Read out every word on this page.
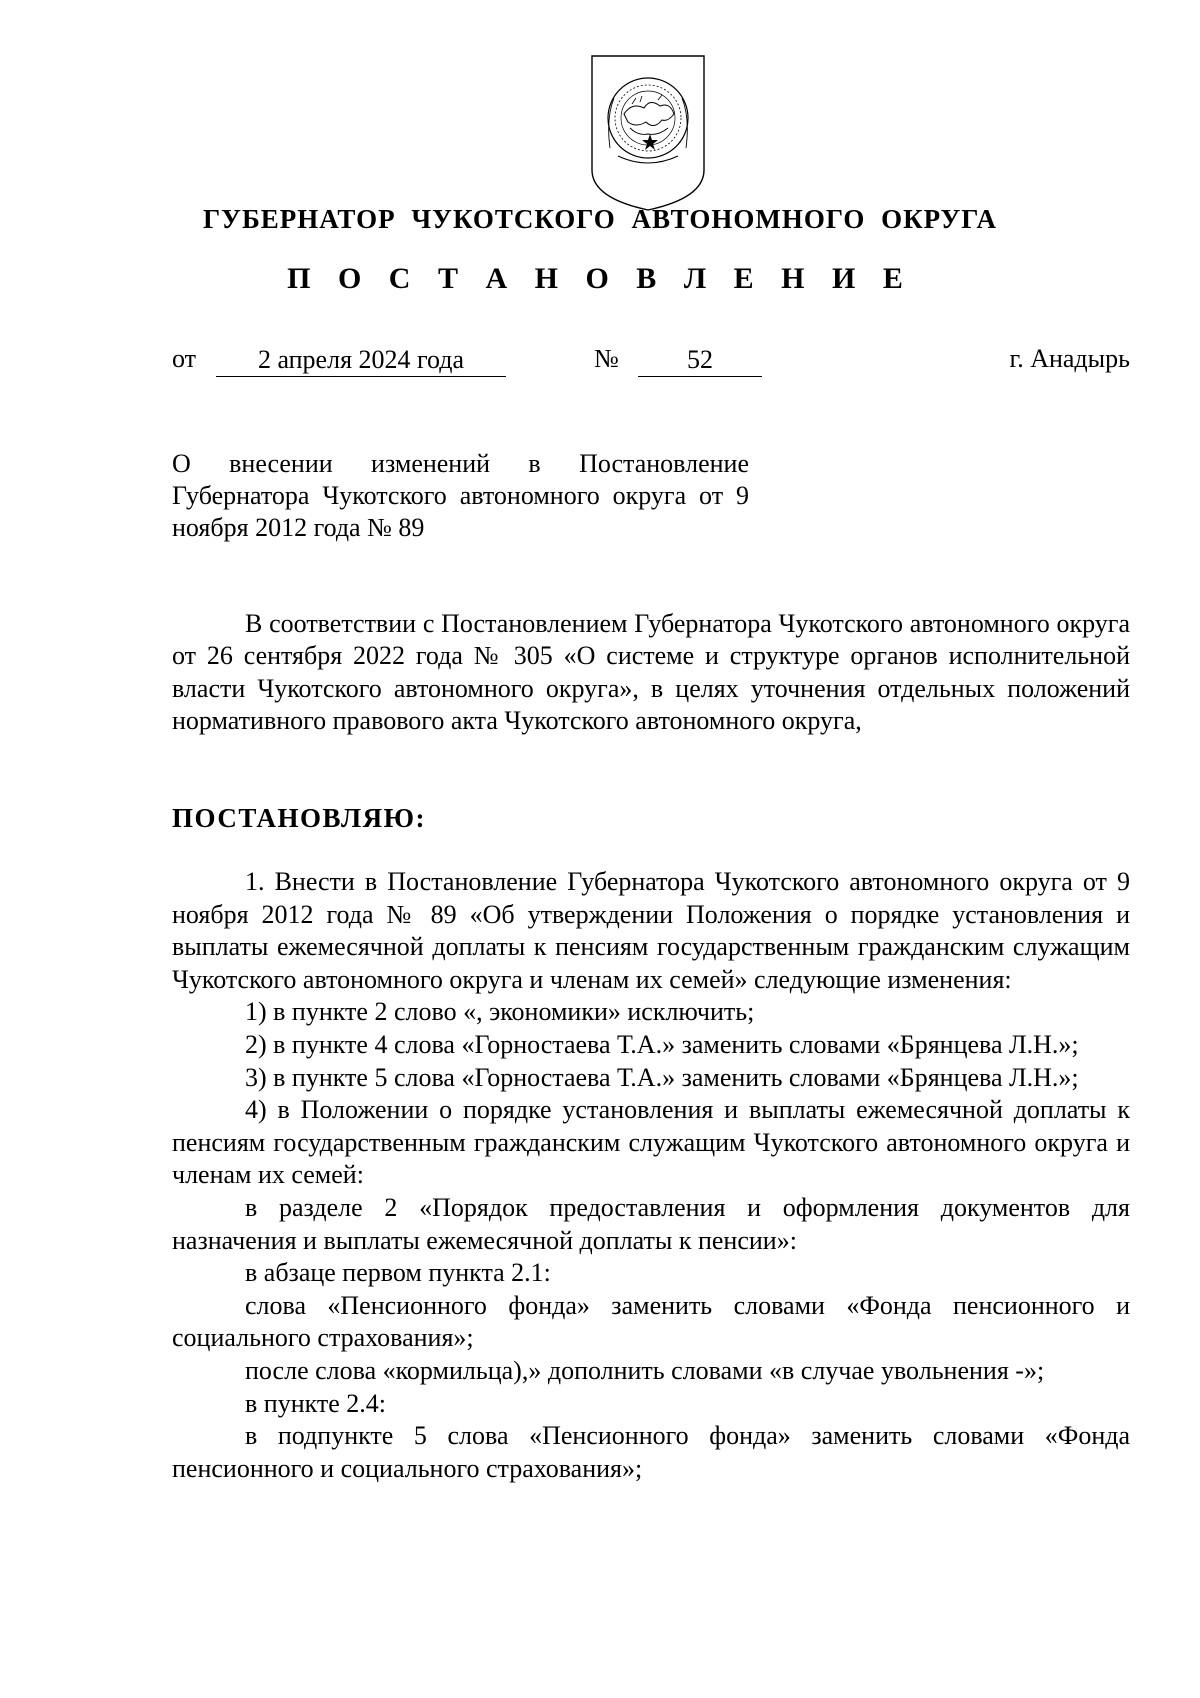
ГУБЕРНАТОР ЧУКОТСКОГО АВТОНОМНОГО ОКРУГА
П О С Т А Н О В Л Е Н И Е
от	2 апреля 2024 года	№	52	г. Анадырь

О внесении изменений в Постановление Губернатора Чукотского автономного округа от 9 ноября 2012 года № 89

В соответствии с Постановлением Губернатора Чукотского автономного округа от 26 сентября 2022 года № 305 «О системе и структуре органов исполнительной власти Чукотского автономного округа», в целях уточнения отдельных положений нормативного правового акта Чукотского автономного округа,

ПОСТАНОВЛЯЮ:

1. Внести в Постановление Губернатора Чукотского автономного округа от 9 ноября 2012 года № 89 «Об утверждении Положения о порядке установления и выплаты ежемесячной доплаты к пенсиям государственным гражданским служащим Чукотского автономного округа и членам их семей» следующие изменения:

1) в пункте 2 слово «, экономики» исключить;

2) в пункте 4 слова «Горностаева Т.А.» заменить словами «Брянцева Л.Н.»;

3) в пункте 5 слова «Горностаева Т.А.» заменить словами «Брянцева Л.Н.»;

4) в Положении о порядке установления и выплаты ежемесячной доплаты к пенсиям государственным гражданским служащим Чукотского автономного округа и членам их семей:

в разделе 2 «Порядок предоставления и оформления документов для назначения и выплаты ежемесячной доплаты к пенсии»:

в абзаце первом пункта 2.1:

слова «Пенсионного фонда» заменить словами «Фонда пенсионного и социального страхования»;

после слова «кормильца),» дополнить словами «в случае увольнения -»;

в пункте 2.4:

в подпункте 5 слова «Пенсионного фонда» заменить словами «Фонда пенсионного и социального страхования»;
